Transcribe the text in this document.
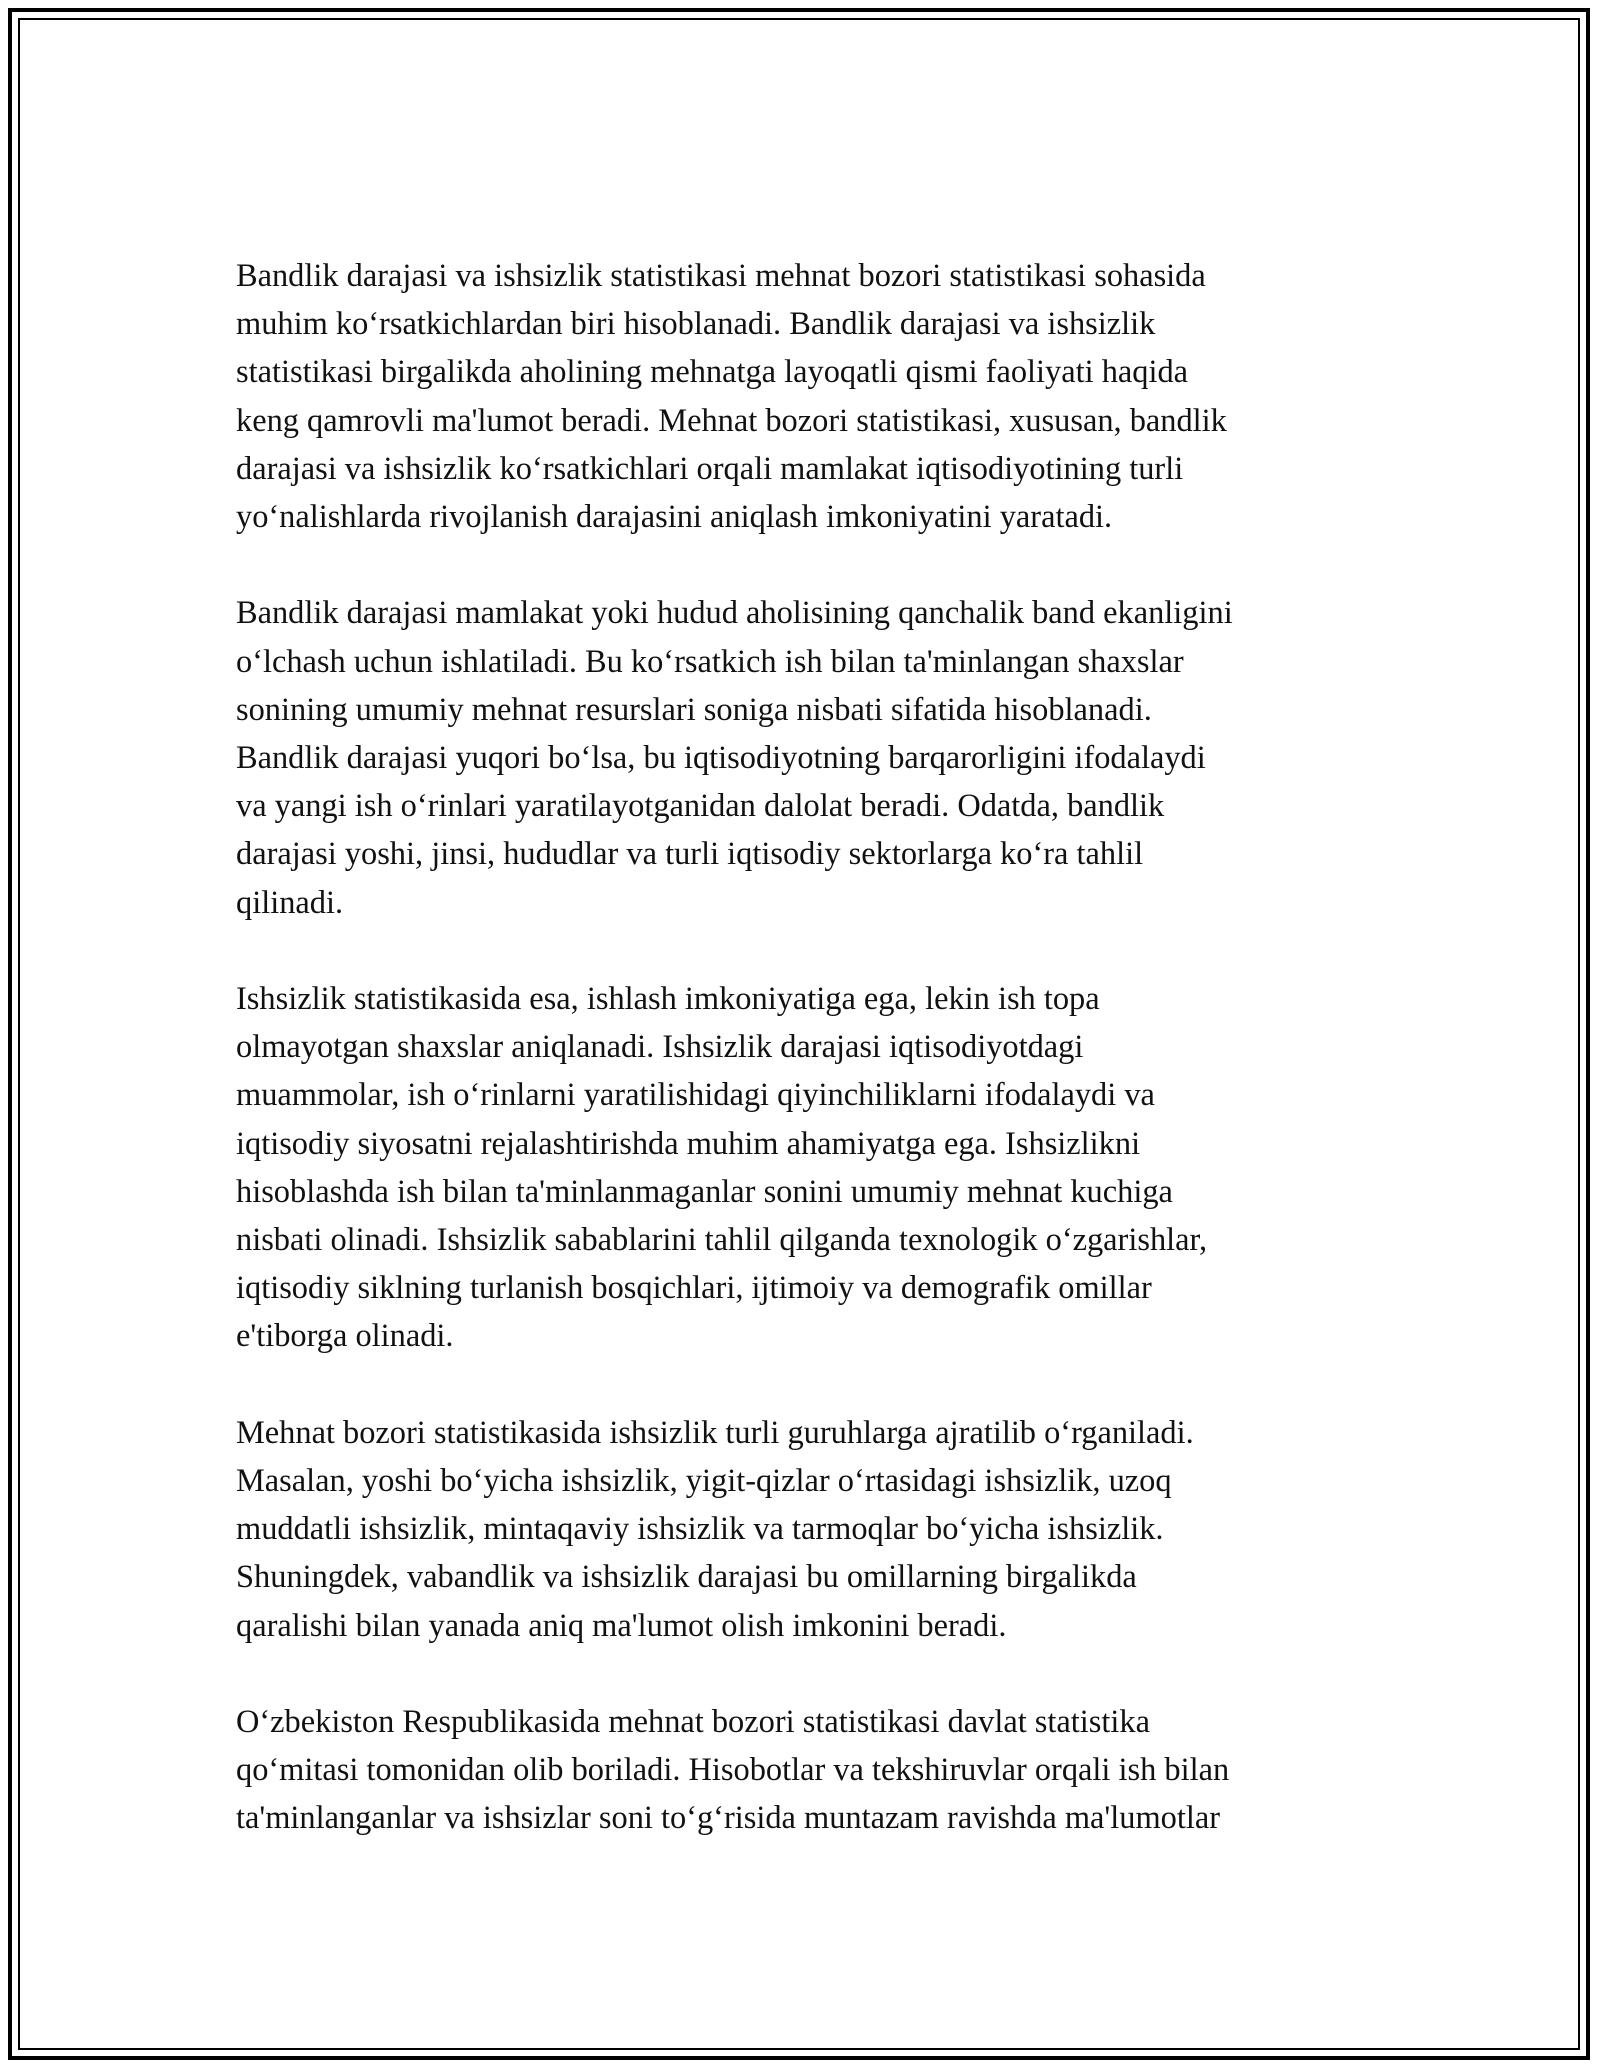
Bandlik darajasi va ishsizlik statistikasi mehnat bozori statistikasi sohasida
muhim ko‘rsatkichlardan biri hisoblanadi. Bandlik darajasi va ishsizlik
statistikasi birgalikda aholining mehnatga layoqatli qismi faoliyati haqida
keng qamrovli ma'lumot beradi. Mehnat bozori statistikasi, xususan, bandlik
darajasi va ishsizlik ko‘rsatkichlari orqali mamlakat iqtisodiyotining turli
yo‘nalishlarda rivojlanish darajasini aniqlash imkoniyatini yaratadi.

Bandlik darajasi mamlakat yoki hudud aholisining qanchalik band ekanligini
o‘lchash uchun ishlatiladi. Bu ko‘rsatkich ish bilan ta'minlangan shaxslar
sonining umumiy mehnat resurslari soniga nisbati sifatida hisoblanadi.
Bandlik darajasi yuqori bo‘lsa, bu iqtisodiyotning barqarorligini ifodalaydi
va yangi ish o‘rinlari yaratilayotganidan dalolat beradi. Odatda, bandlik
darajasi yoshi, jinsi, hududlar va turli iqtisodiy sektorlarga ko‘ra tahlil
qilinadi.

Ishsizlik statistikasida esa, ishlash imkoniyatiga ega, lekin ish topa
olmayotgan shaxslar aniqlanadi. Ishsizlik darajasi iqtisodiyotdagi
muammolar, ish o‘rinlarni yaratilishidagi qiyinchiliklarni ifodalaydi va
iqtisodiy siyosatni rejalashtirishda muhim ahamiyatga ega. Ishsizlikni
hisoblashda ish bilan ta'minlanmaganlar sonini umumiy mehnat kuchiga
nisbati olinadi. Ishsizlik sabablarini tahlil qilganda texnologik o‘zgarishlar,
iqtisodiy siklning turlanish bosqichlari, ijtimoiy va demografik omillar
e'tiborga olinadi.

Mehnat bozori statistikasida ishsizlik turli guruhlarga ajratilib o‘rganiladi.
Masalan, yoshi bo‘yicha ishsizlik, yigit-qizlar o‘rtasidagi ishsizlik, uzoq
muddatli ishsizlik, mintaqaviy ishsizlik va tarmoqlar bo‘yicha ishsizlik.
Shuningdek, vabandlik va ishsizlik darajasi bu omillarning birgalikda
qaralishi bilan yanada aniq ma'lumot olish imkonini beradi.

O‘zbekiston Respublikasida mehnat bozori statistikasi davlat statistika
qo‘mitasi tomonidan olib boriladi. Hisobotlar va tekshiruvlar orqali ish bilan
ta'minlanganlar va ishsizlar soni to‘g‘risida muntazam ravishda ma'lumotlar
